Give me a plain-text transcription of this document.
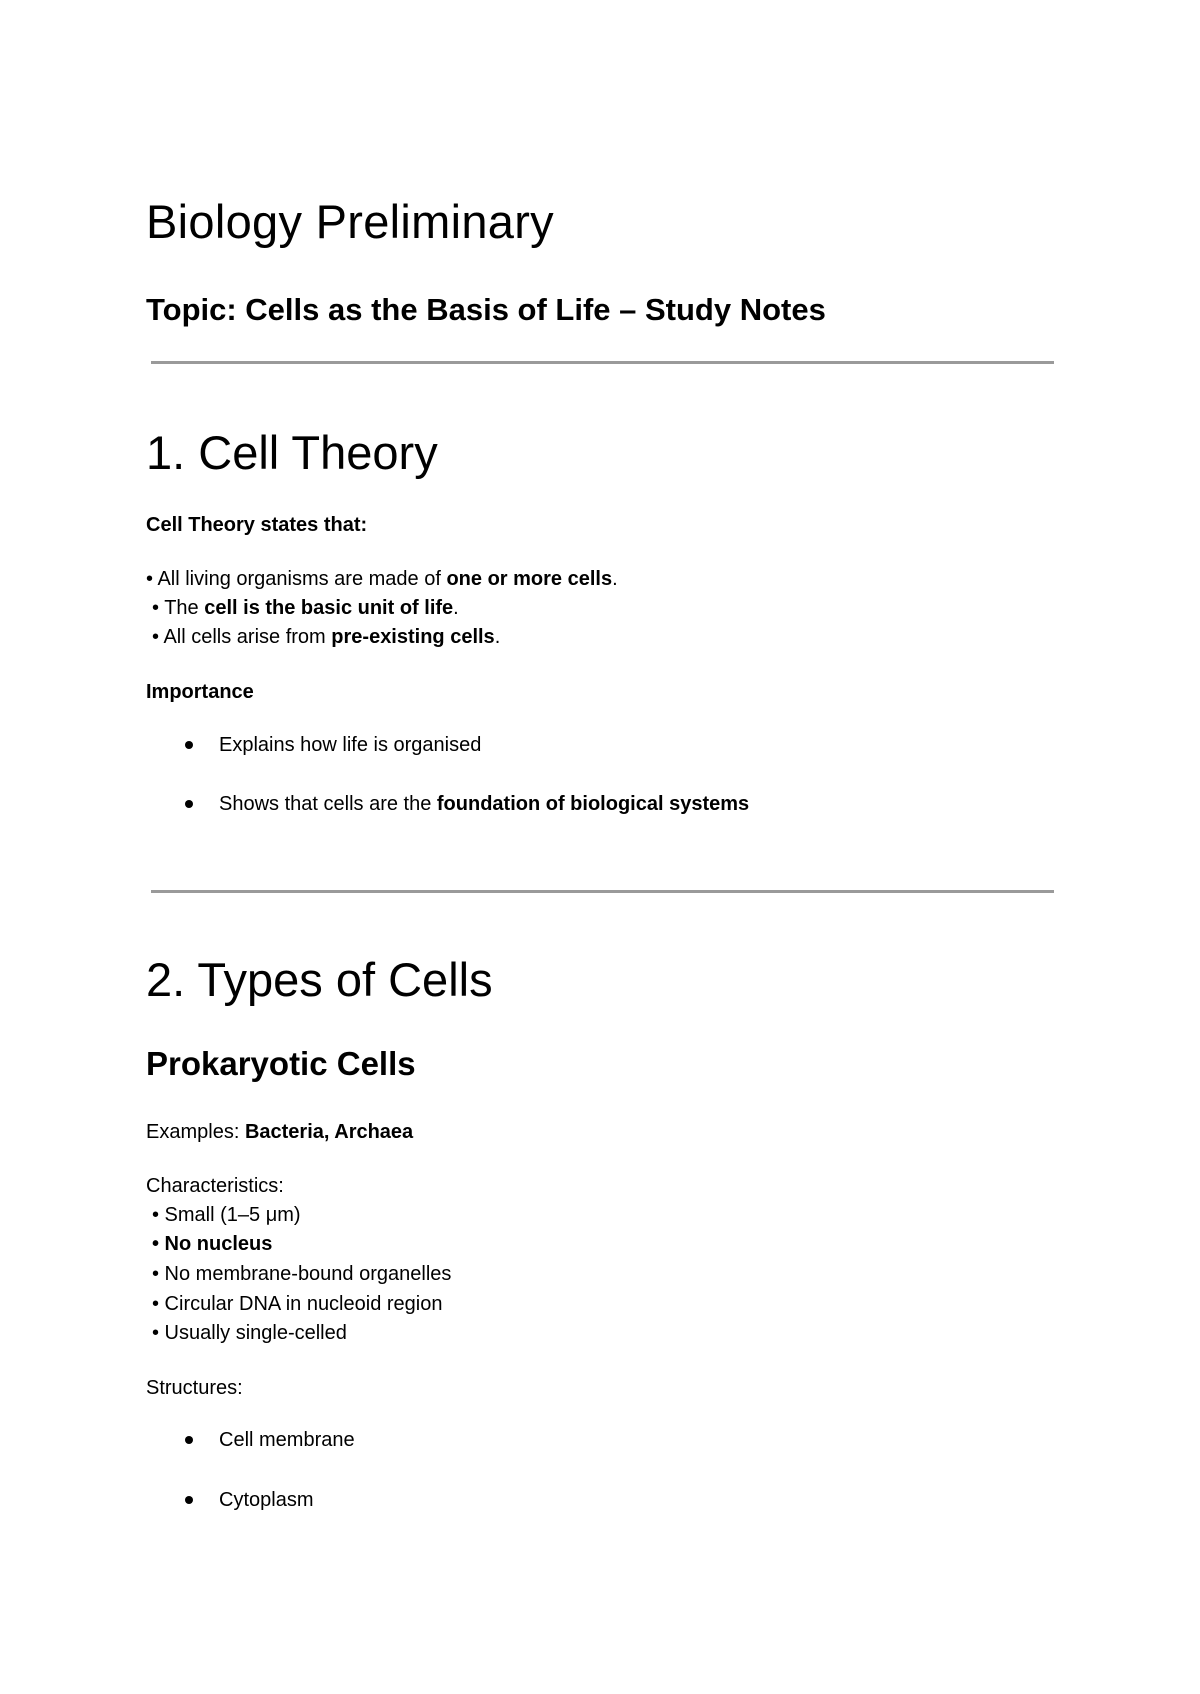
Biology Preliminary
Topic: Cells as the Basis of Life – Study Notes
1. Cell Theory
Cell Theory states that:
• All living organisms are made of one or more cells.
• The cell is the basic unit of life.
• All cells arise from pre-existing cells.
Importance
Explains how life is organised
Shows that cells are the foundation of biological systems
2. Types of Cells
Prokaryotic Cells
Examples: Bacteria, Archaea
Characteristics:
• Small (1–5 μm)
• No nucleus
• No membrane-bound organelles
• Circular DNA in nucleoid region
• Usually single-celled
Structures:
Cell membrane
Cytoplasm
